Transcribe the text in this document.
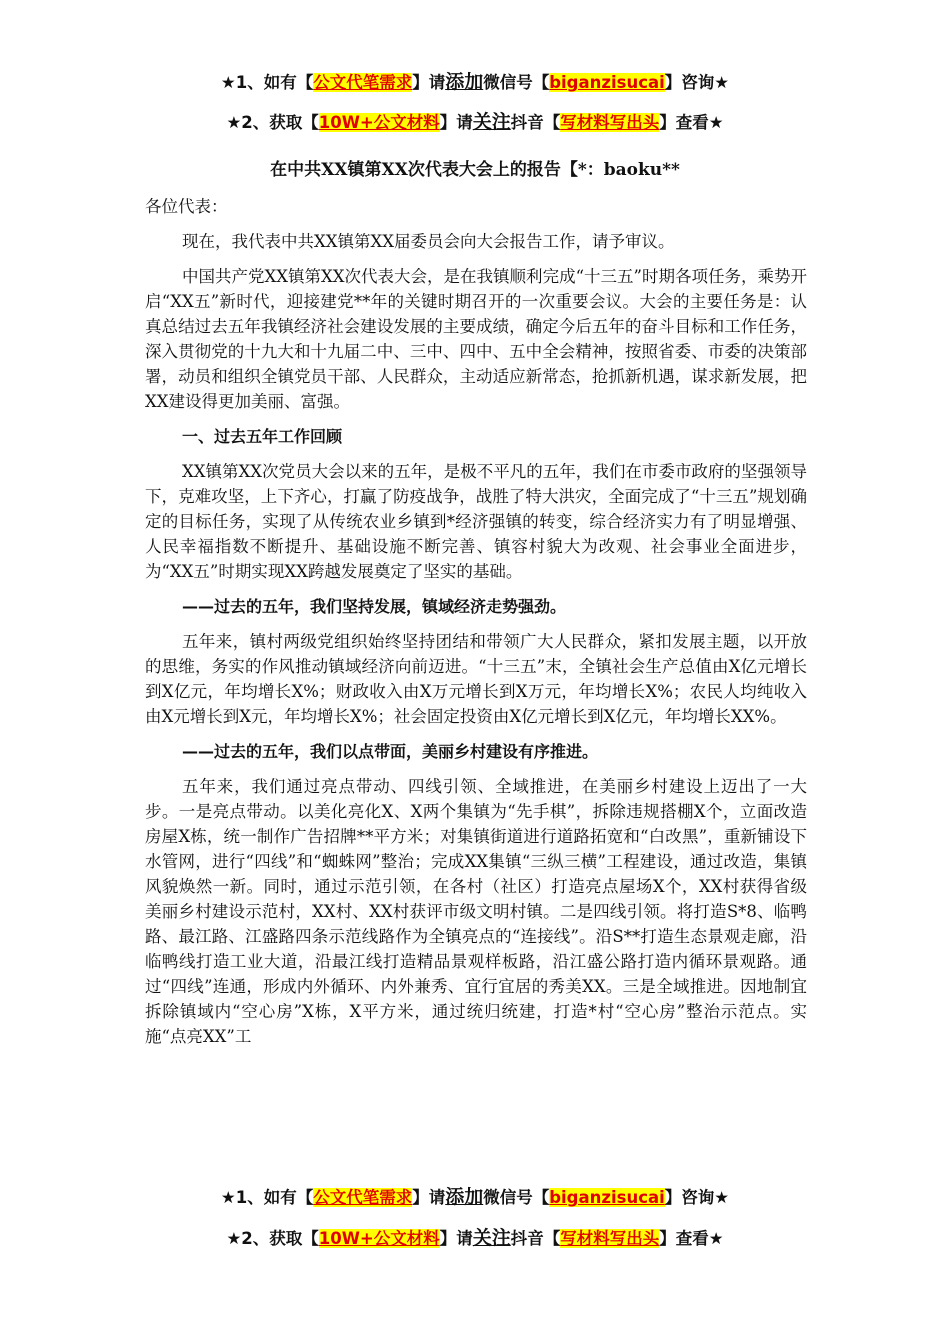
★1、如有【公文代笔需求】请添加微信号【biganzisucai】咨询★
★2、获取【10W+公文材料】请关注抖音【写材料写出头】查看★
在中共XX镇第XX次代表大会上的报告【*：baoku**

各位代表：

现在，我代表中共XX镇第XX届委员会向大会报告工作，请予审议。

中国共产党XX镇第XX次代表大会，是在我镇顺利完成“十三五”时期各项任务，乘势开启“XX五”新时代，迎接建党**年的关键时期召开的一次重要会议。大会的主要任务是：认真总结过去五年我镇经济社会建设发展的主要成绩，确定今后五年的奋斗目标和工作任务，深入贯彻党的十九大和十九届二中、三中、四中、五中全会精神，按照省委、市委的决策部署，动员和组织全镇党员干部、人民群众，主动适应新常态，抢抓新机遇，谋求新发展，把XX建设得更加美丽、富强。

一、过去五年工作回顾

XX镇第XX次党员大会以来的五年，是极不平凡的五年，我们在市委市政府的坚强领导下，克难攻坚，上下齐心，打赢了防疫战争，战胜了特大洪灾，全面完成了“十三五”规划确定的目标任务，实现了从传统农业乡镇到*经济强镇的转变，综合经济实力有了明显增强、人民幸福指数不断提升、基础设施不断完善、镇容村貌大为改观、社会事业全面进步，为“XX五”时期实现XX跨越发展奠定了坚实的基础。

——过去的五年，我们坚持发展，镇域经济走势强劲。

五年来，镇村两级党组织始终坚持团结和带领广大人民群众，紧扣发展主题，以开放的思维，务实的作风推动镇域经济向前迈进。“十三五”末，全镇社会生产总值由X亿元增长到X亿元，年均增长X%；财政收入由X万元增长到X万元，年均增长X%；农民人均纯收入由X元增长到X元，年均增长X%；社会固定投资由X亿元增长到X亿元，年均增长XX%。

——过去的五年，我们以点带面，美丽乡村建设有序推进。

五年来，我们通过亮点带动、四线引领、全域推进，在美丽乡村建设上迈出了一大步。一是亮点带动。以美化亮化X、X两个集镇为“先手棋”，拆除违规搭棚X个，立面改造房屋X栋，统一制作广告招牌**平方米；对集镇街道进行道路拓宽和“白改黑”，重新铺设下水管网，进行“四线”和“蜘蛛网”整治；完成XX集镇“三纵三横”工程建设，通过改造，集镇风貌焕然一新。同时，通过示范引领，在各村（社区）打造亮点屋场X个，XX村获得省级美丽乡村建设示范村，XX村、XX村获评市级文明村镇。二是四线引领。将打造S*8、临鸭路、最江路、江盛路四条示范线路作为全镇亮点的“连接线”。沿S**打造生态景观走廊，沿临鸭线打造工业大道，沿最江线打造精品景观样板路，沿江盛公路打造内循环景观路。通过“四线”连通，形成内外循环、内外兼秀、宜行宜居的秀美XX。三是全域推进。因地制宜拆除镇域内“空心房”X栋，X平方米，通过统归统建，打造*村“空心房”整治示范点。实施“点亮XX”工

★1、如有【公文代笔需求】请添加微信号【biganzisucai】咨询★
★2、获取【10W+公文材料】请关注抖音【写材料写出头】查看★
